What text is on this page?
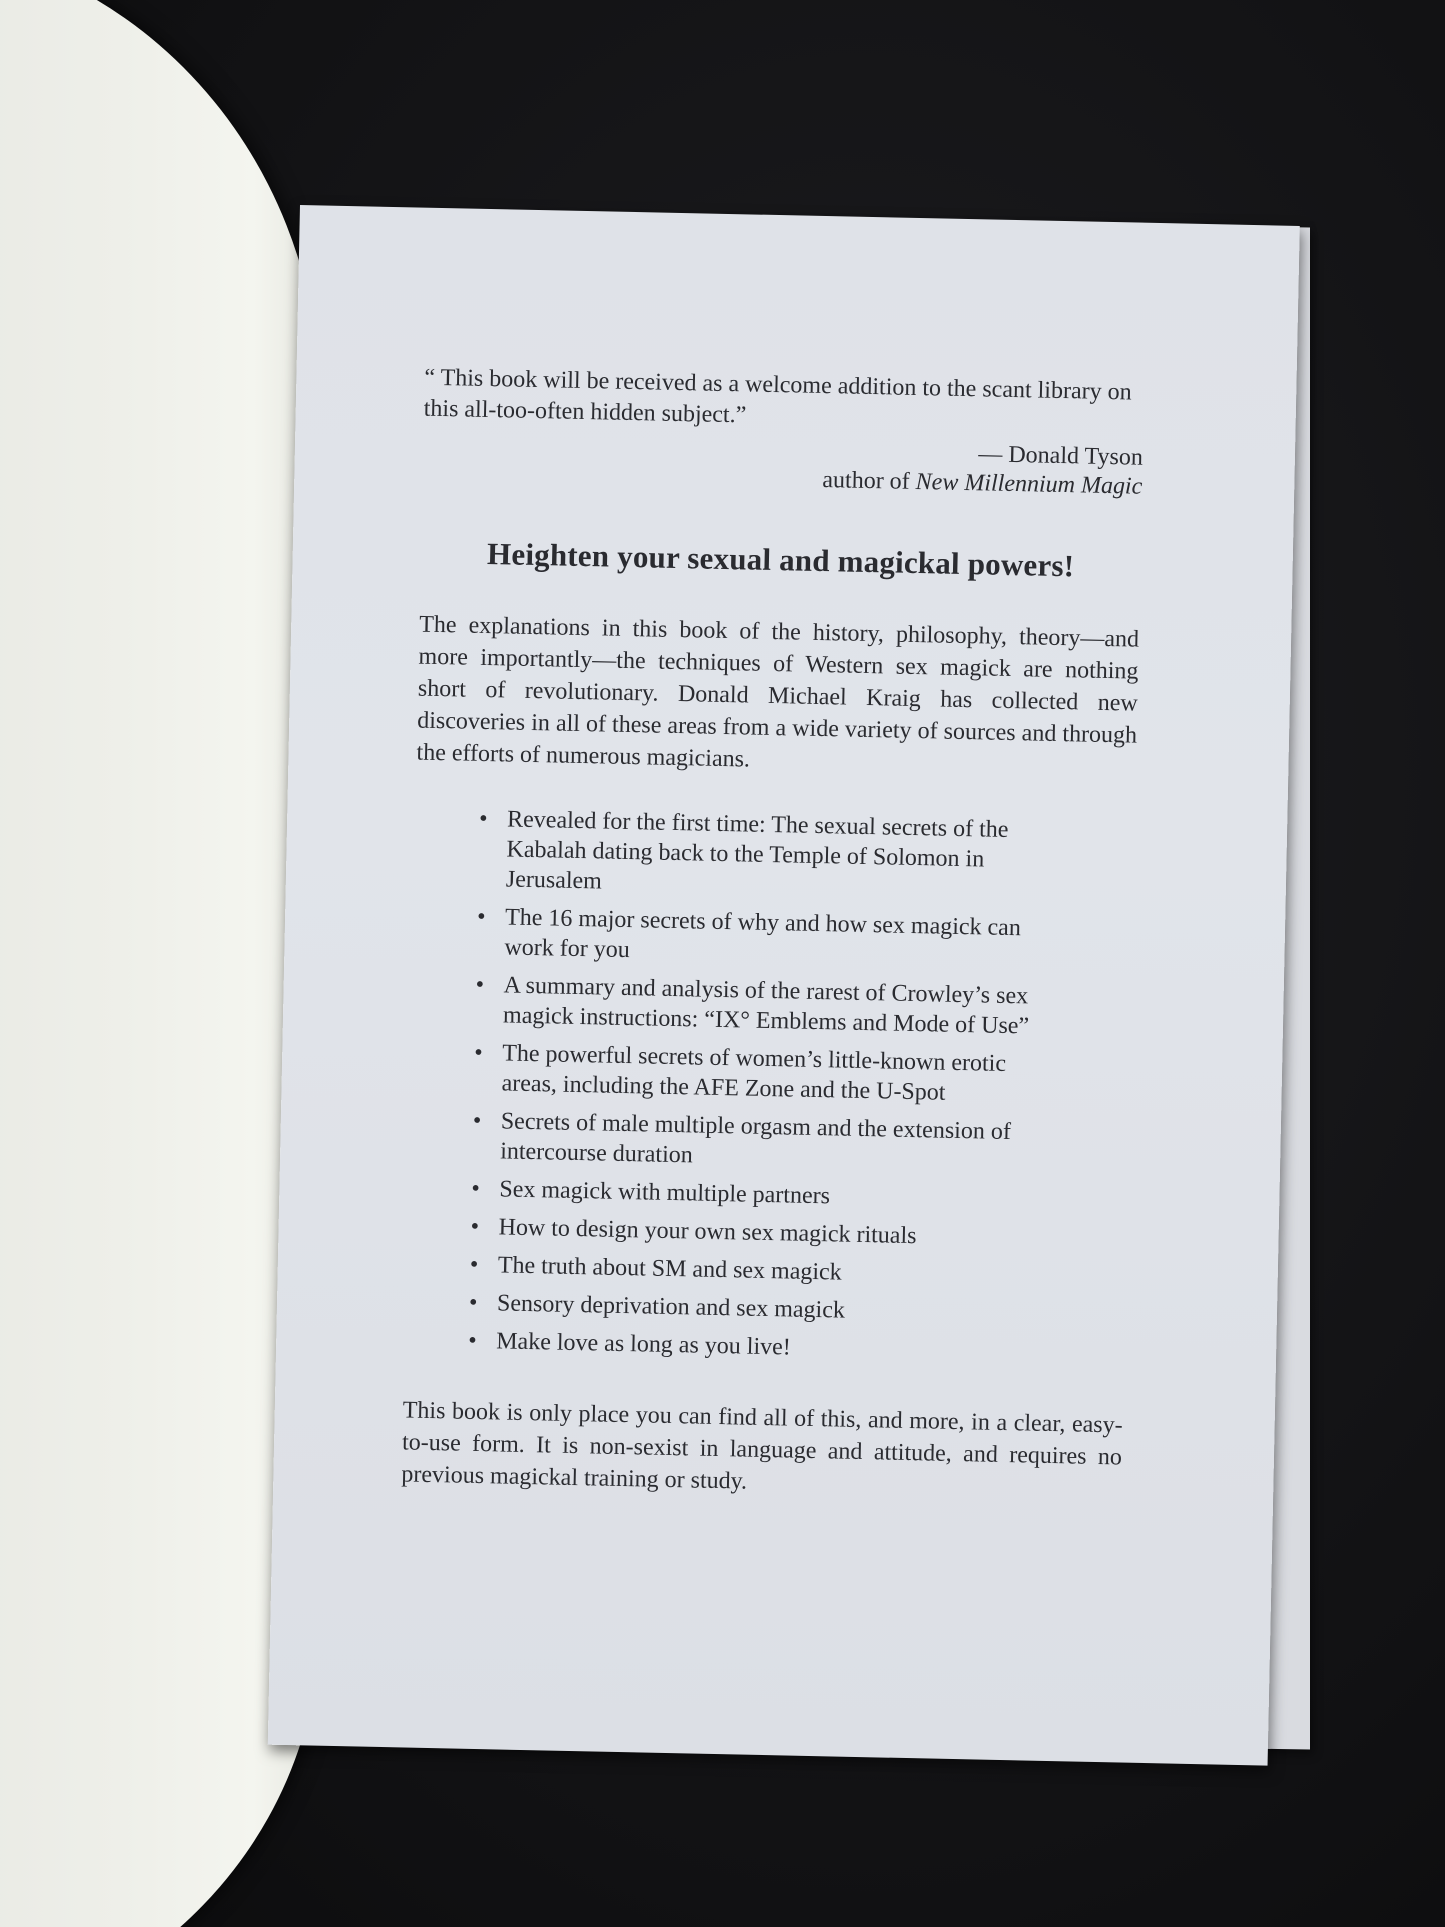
“ This book will be received as a welcome addition to the scant library on this all-too-often hidden subject.”

— Donald Tyson
author of New Millennium Magic
Heighten your sexual and magickal powers!

The explanations in this book of the history, philosophy, theory—and more importantly—the techniques of Western sex magick are nothing short of revolutionary. Donald Michael Kraig has collected new discoveries in all of these areas from a wide variety of sources and through the efforts of numerous magicians.

• Revealed for the first time: The sexual secrets of the Kabalah dating back to the Temple of Solomon in Jerusalem
• The 16 major secrets of why and how sex magick can work for you
• A summary and analysis of the rarest of Crowley’s sex magick instructions: “IX° Emblems and Mode of Use”
• The powerful secrets of women’s little-known erotic areas, including the AFE Zone and the U-Spot
• Secrets of male multiple orgasm and the extension of intercourse duration
• Sex magick with multiple partners
• How to design your own sex magick rituals
• The truth about SM and sex magick
• Sensory deprivation and sex magick
• Make love as long as you live!

This book is only place you can find all of this, and more, in a clear, easy-to-use form. It is non-sexist in language and attitude, and requires no previous magickal training or study.
